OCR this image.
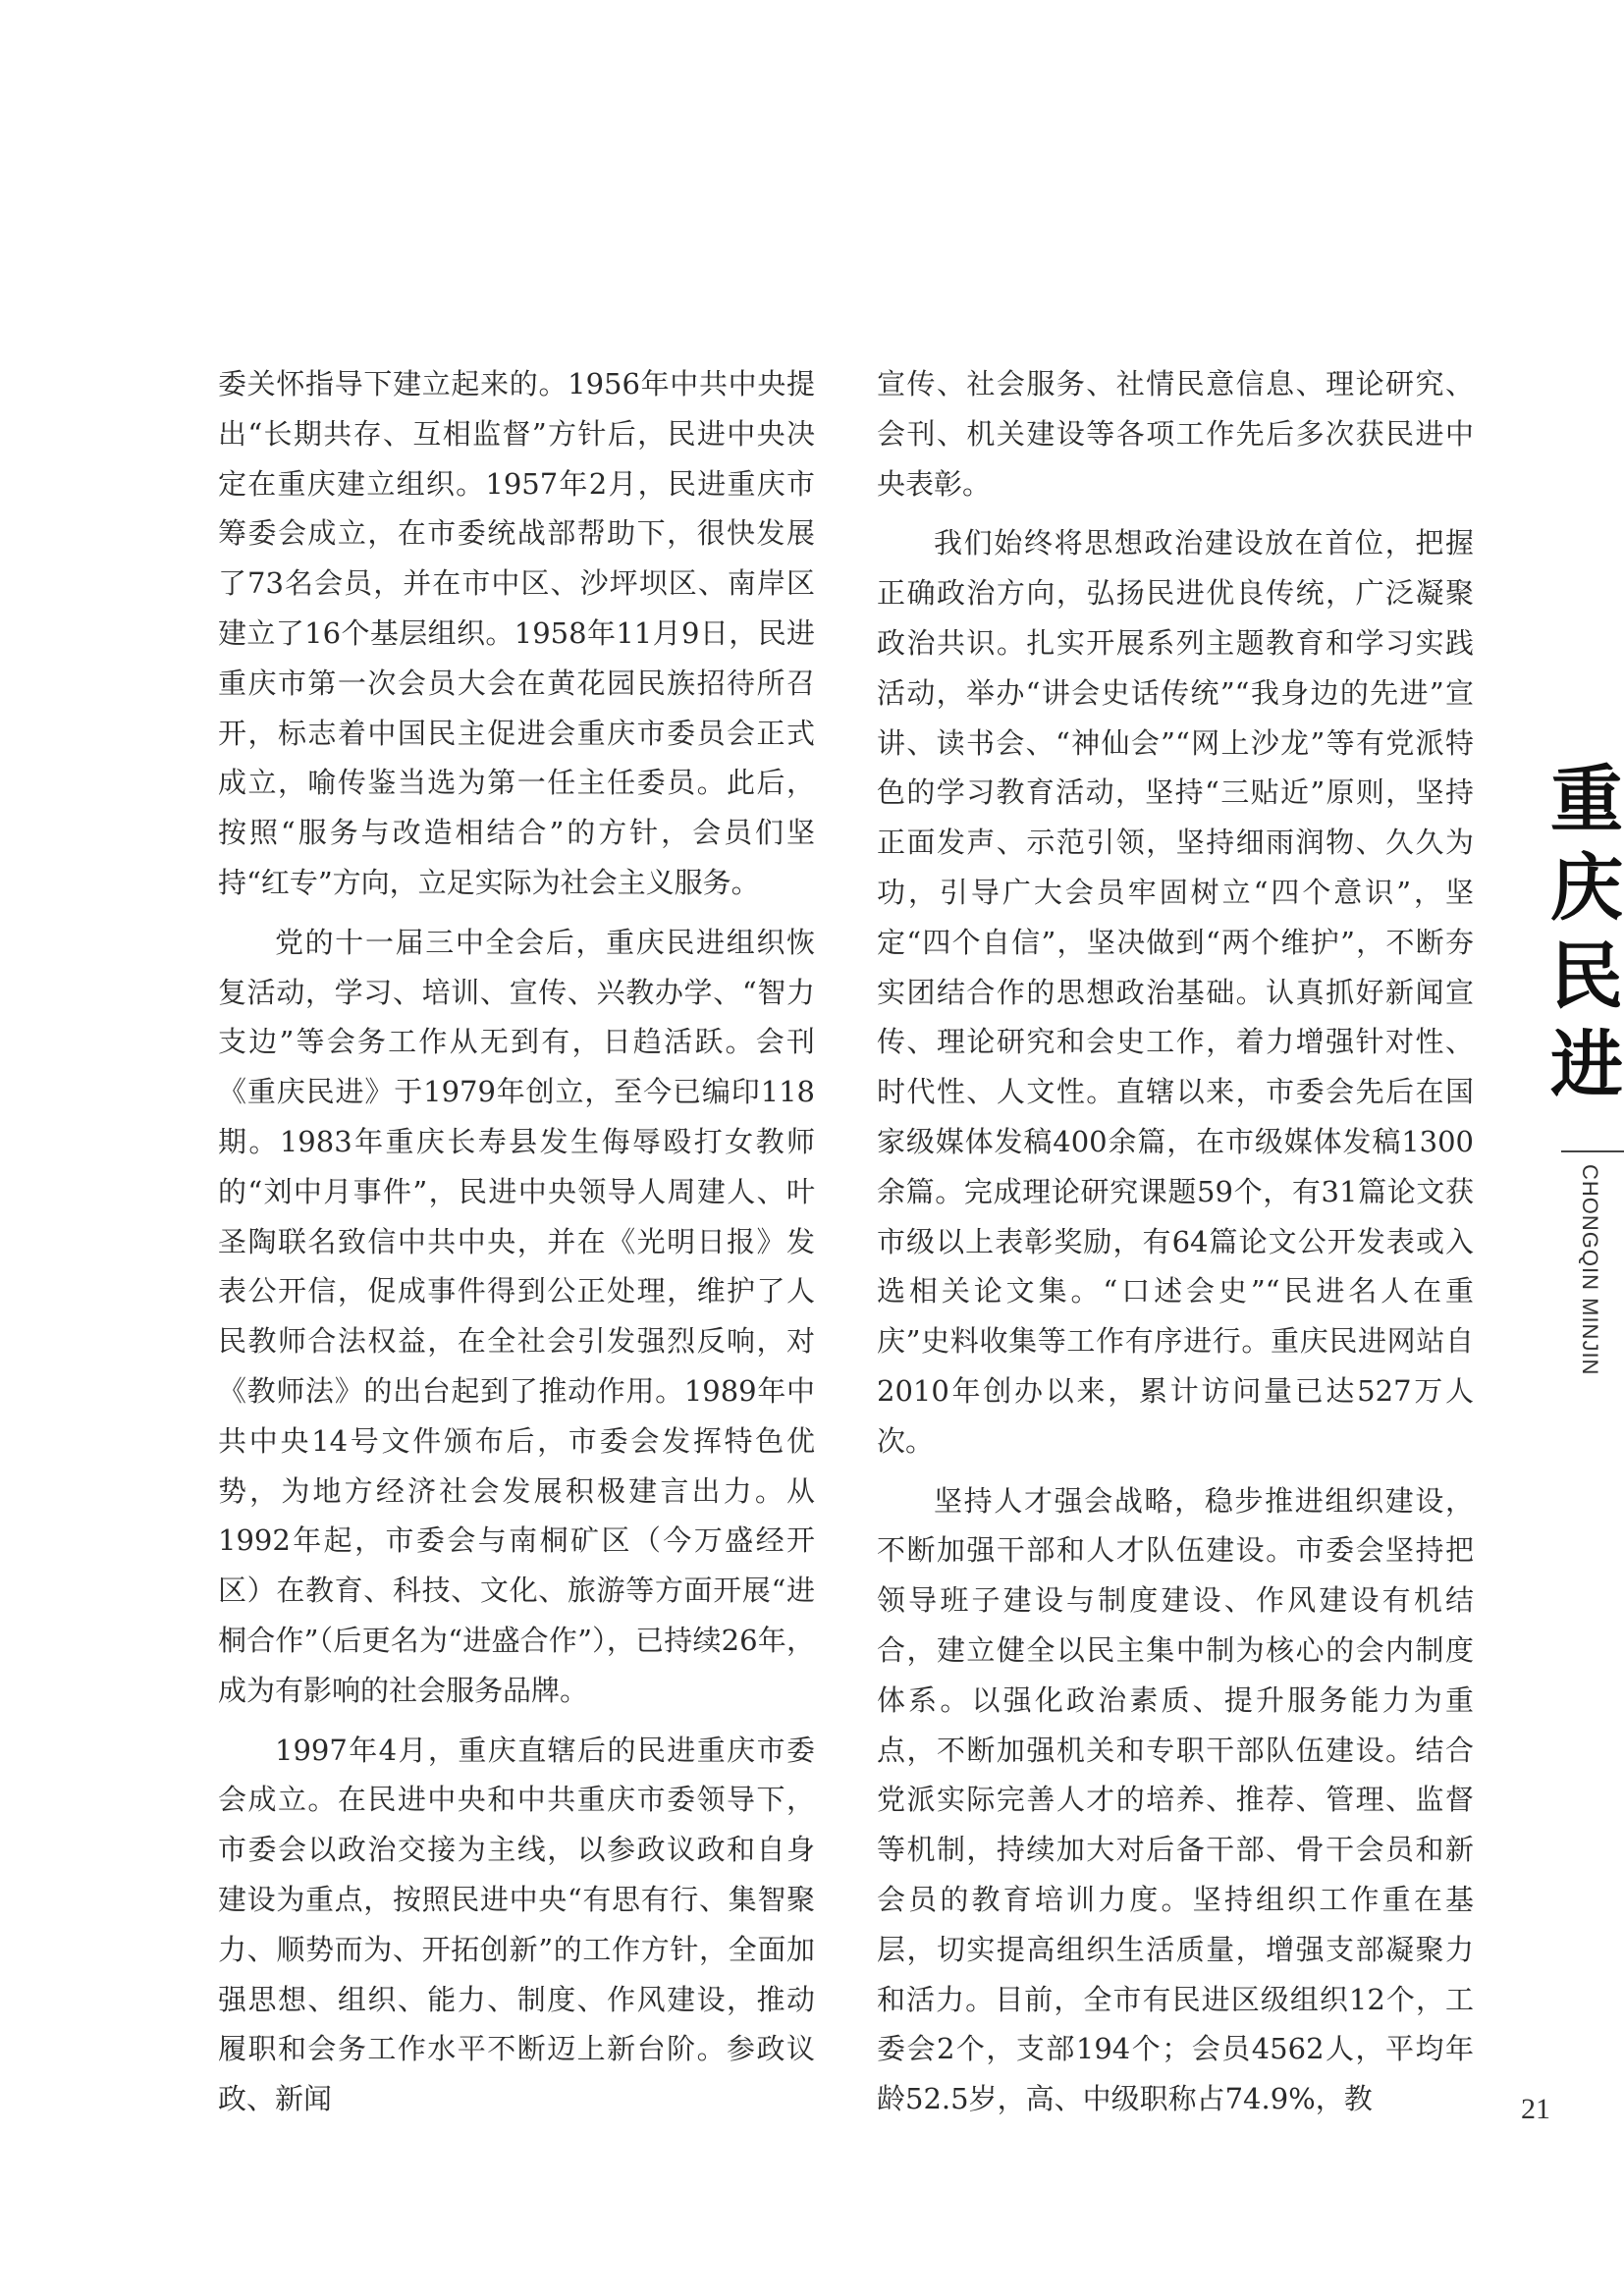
委关怀指导下建立起来的。1956年中共中央提出“长期共存、互相监督”方针后，民进中央决定在重庆建立组织。1957年2月，民进重庆市筹委会成立，在市委统战部帮助下，很快发展了73名会员，并在市中区、沙坪坝区、南岸区建立了16个基层组织。1958年11月9日，民进重庆市第一次会员大会在黄花园民族招待所召开，标志着中国民主促进会重庆市委员会正式成立，喻传鉴当选为第一任主任委员。此后，按照“服务与改造相结合”的方针，会员们坚持“红专”方向，立足实际为社会主义服务。

党的十一届三中全会后，重庆民进组织恢复活动，学习、培训、宣传、兴教办学、“智力支边”等会务工作从无到有，日趋活跃。会刊《重庆民进》于1979年创立，至今已编印118期。1983年重庆长寿县发生侮辱殴打女教师的“刘中月事件”，民进中央领导人周建人、叶圣陶联名致信中共中央，并在《光明日报》发表公开信，促成事件得到公正处理，维护了人民教师合法权益，在全社会引发强烈反响，对《教师法》的出台起到了推动作用。1989年中共中央14号文件颁布后，市委会发挥特色优势，为地方经济社会发展积极建言出力。从1992年起，市委会与南桐矿区（今万盛经开区）在教育、科技、文化、旅游等方面开展“进桐合作”（后更名为“进盛合作”），已持续26年，成为有影响的社会服务品牌。

1997年4月，重庆直辖后的民进重庆市委会成立。在民进中央和中共重庆市委领导下，市委会以政治交接为主线，以参政议政和自身建设为重点，按照民进中央“有思有行、集智聚力、顺势而为、开拓创新”的工作方针，全面加强思想、组织、能力、制度、作风建设，推动履职和会务工作水平不断迈上新台阶。参政议政、新闻

宣传、社会服务、社情民意信息、理论研究、会刊、机关建设等各项工作先后多次获民进中央表彰。

我们始终将思想政治建设放在首位，把握正确政治方向，弘扬民进优良传统，广泛凝聚政治共识。扎实开展系列主题教育和学习实践活动，举办“讲会史话传统”“我身边的先进”宣讲、读书会、“神仙会”“网上沙龙”等有党派特色的学习教育活动，坚持“三贴近”原则，坚持正面发声、示范引领，坚持细雨润物、久久为功，引导广大会员牢固树立“四个意识”，坚定“四个自信”，坚决做到“两个维护”，不断夯实团结合作的思想政治基础。认真抓好新闻宣传、理论研究和会史工作，着力增强针对性、时代性、人文性。直辖以来，市委会先后在国家级媒体发稿400余篇，在市级媒体发稿1300余篇。完成理论研究课题59个，有31篇论文获市级以上表彰奖励，有64篇论文公开发表或入选相关论文集。“口述会史”“民进名人在重庆”史料收集等工作有序进行。重庆民进网站自2010年创办以来，累计访问量已达527万人次。

坚持人才强会战略，稳步推进组织建设，不断加强干部和人才队伍建设。市委会坚持把领导班子建设与制度建设、作风建设有机结合，建立健全以民主集中制为核心的会内制度体系。以强化政治素质、提升服务能力为重点，不断加强机关和专职干部队伍建设。结合党派实际完善人才的培养、推荐、管理、监督等机制，持续加大对后备干部、骨干会员和新会员的教育培训力度。坚持组织工作重在基层，切实提高组织生活质量，增强支部凝聚力和活力。目前，全市有民进区级组织12个，工委会2个，支部194个；会员4562人，平均年龄52.5岁，高、中级职称占74.9%，教

重
庆
民
进
CHONGQIN MINJIN
21
